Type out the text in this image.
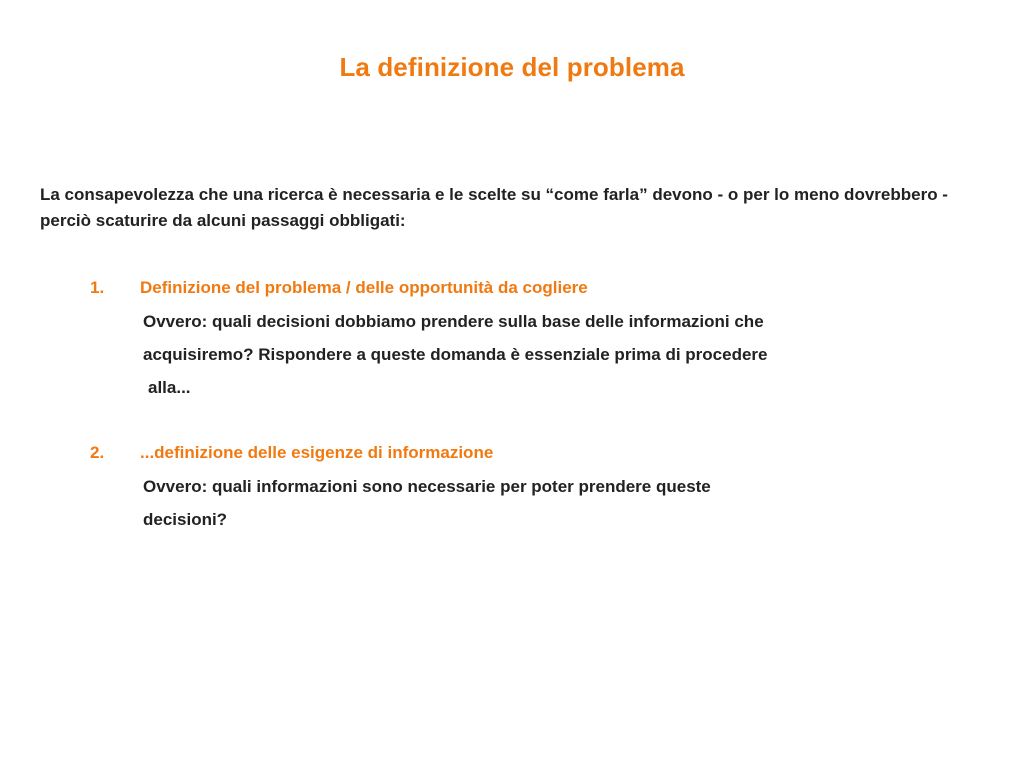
La definizione del problema
La consapevolezza che una ricerca è necessaria e le scelte su “come farla” devono - o per lo meno dovrebbero - perciò scaturire da alcuni passaggi obbligati:
1. Definizione del problema / delle opportunità da cogliere
Ovvero: quali decisioni dobbiamo prendere sulla base delle informazioni che
acquisiremo? Rispondere a queste domanda è essenziale prima di procedere
alla...
2. ...definizione delle esigenze di informazione
Ovvero: quali informazioni sono necessarie per poter prendere queste
decisioni?
